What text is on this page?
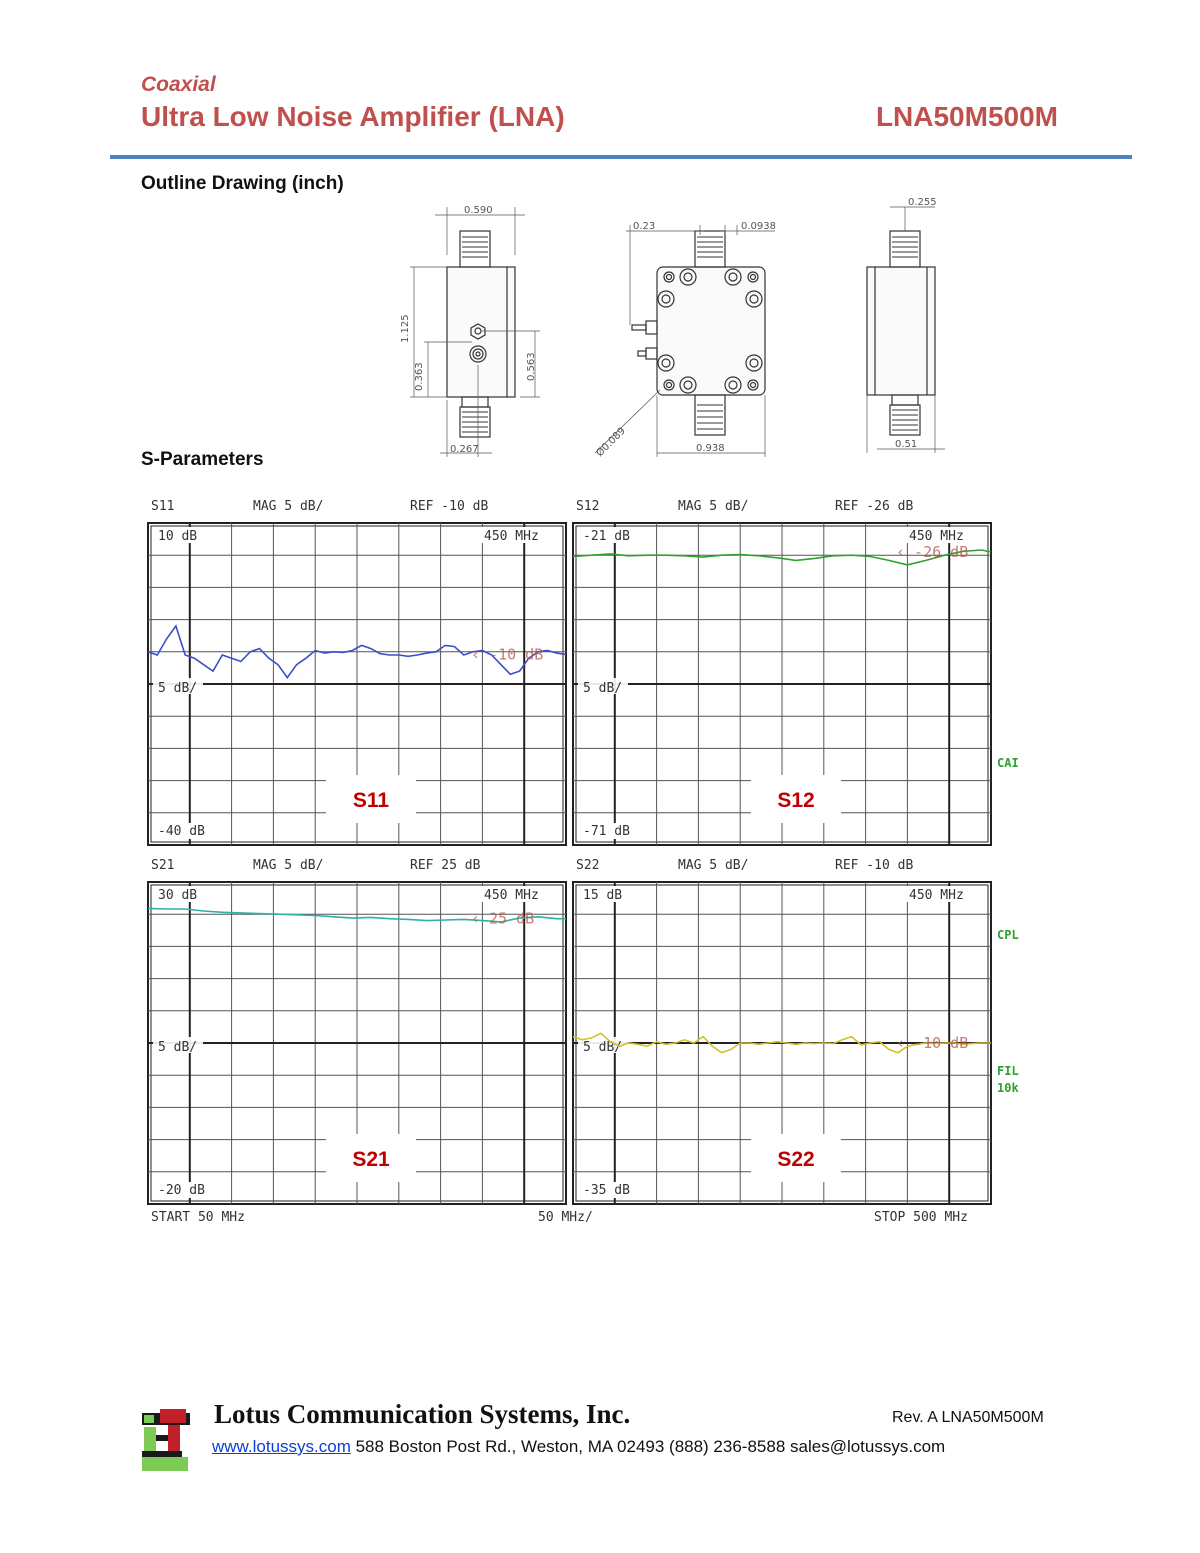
Coaxial
Ultra Low Noise Amplifier (LNA)	LNA50M500M
Outline Drawing (inch)
S-Parameters
0.590
1.125
0.363	0.563
0.267
0.23	0.0938
0.938
Ø0.089
0.255
0.51
S11	MAG 5 dB/	REF -10 dB
10 dB	450 MHz
-40 dB
5 dB/
‹ -10 dB
S11
S12	MAG 5 dB/	REF -26 dB
-21 dB	450 MHz
-71 dB
5 dB/
‹ -26 dB
S12
S21	MAG 5 dB/	REF 25 dB
30 dB	450 MHz
-20 dB
5 dB/
‹ 25 dB
S21
S22	MAG 5 dB/	REF -10 dB
15 dB	450 MHz
-35 dB
5 dB/	‹ -10 dB
S22
START 50 MHz	50 MHz/	STOP 500 MHz
CAI
CPL
FIL
10k
Lotus Communication Systems, Inc.	Rev. A LNA50M500M
www.lotussys.com 588 Boston Post Rd., Weston, MA 02493 (888) 236-8588 sales@lotussys.com
